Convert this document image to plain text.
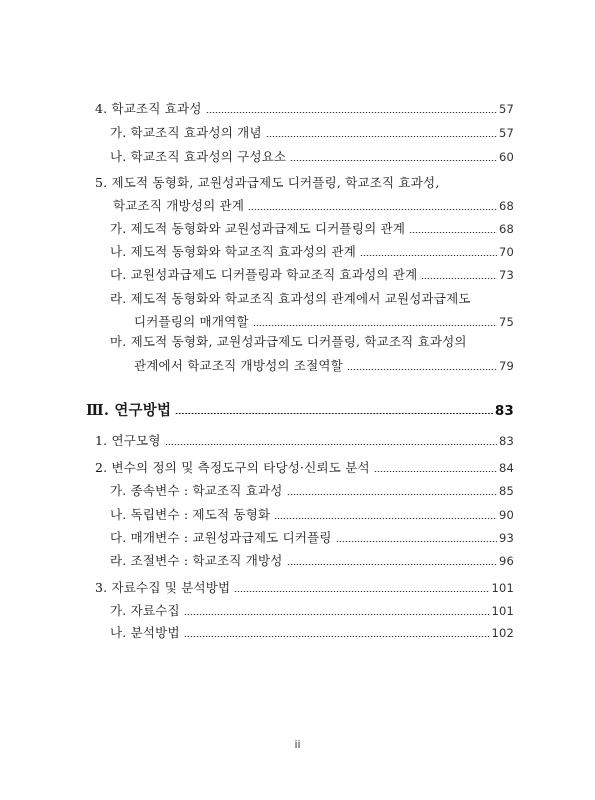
4. 학교조직 효과성	57
가. 학교조직 효과성의 개념	57
나. 학교조직 효과성의 구성요소	60
5. 제도적 동형화, 교원성과급제도 디커플링, 학교조직 효과성,
학교조직 개방성의 관계	68
가. 제도적 동형화와 교원성과급제도 디커플링의 관계	68
나. 제도적 동형화와 학교조직 효과성의 관계	70
다. 교원성과급제도 디커플링과 학교조직 효과성의 관계	73
라. 제도적 동형화와 학교조직 효과성의 관계에서 교원성과급제도
디커플링의 매개역할	75
마. 제도적 동형화, 교원성과급제도 디커플링, 학교조직 효과성의
관계에서 학교조직 개방성의 조절역할	79
Ⅲ. 연구방법	83
1. 연구모형	83
2. 변수의 정의 및 측정도구의 타당성·신뢰도 분석	84
가. 종속변수 : 학교조직 효과성	85
나. 독립변수 : 제도적 동형화	90
다. 매개변수 : 교원성과급제도 디커플링	93
라. 조절변수 : 학교조직 개방성	96
3. 자료수집 및 분석방법	101
가. 자료수집	101
나. 분석방법	102
ii
